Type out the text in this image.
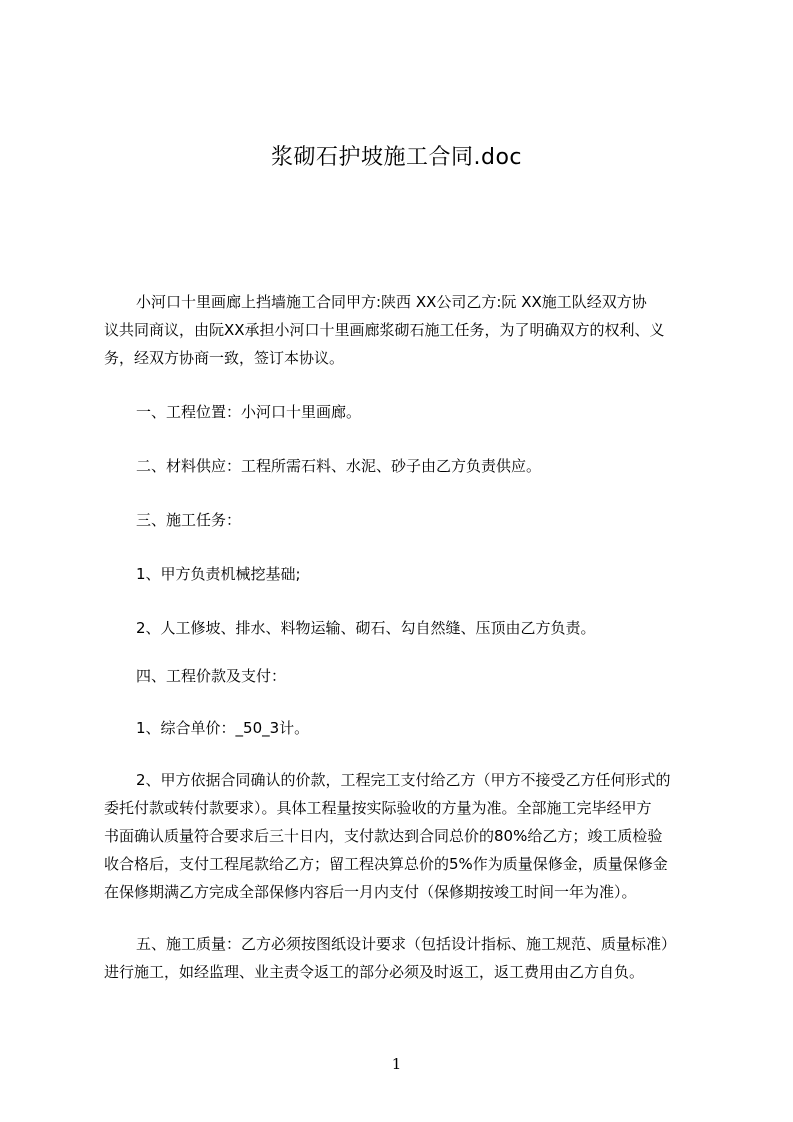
浆砌石护坡施工合同.doc
小河口十里画廊上挡墙施工合同甲方:陕西 XX公司乙方:阮 XX施工队经双方协
议共同商议，由阮XX承担小河口十里画廊浆砌石施工任务，为了明确双方的权利、义
务，经双方协商一致，签订本协议。
一、工程位置：小河口十里画廊。
二、材料供应：工程所需石料、水泥、砂子由乙方负责供应。
三、施工任务：
1、甲方负责机械挖基础;
2、人工修坡、排水、料物运输、砌石、勾自然缝、压顶由乙方负责。
四、工程价款及支付：
1、综合单价：_50_3计。
2、甲方依据合同确认的价款，工程完工支付给乙方（甲方不接受乙方任何形式的
委托付款或转付款要求）。具体工程量按实际验收的方量为准。全部施工完毕经甲方
书面确认质量符合要求后三十日内，支付款达到合同总价的80%给乙方；竣工质检验
收合格后，支付工程尾款给乙方；留工程决算总价的5%作为质量保修金，质量保修金
在保修期满乙方完成全部保修内容后一月内支付（保修期按竣工时间一年为准）。
五、施工质量：乙方必须按图纸设计要求（包括设计指标、施工规范、质量标准）
进行施工，如经监理、业主责令返工的部分必须及时返工，返工费用由乙方自负。
1
